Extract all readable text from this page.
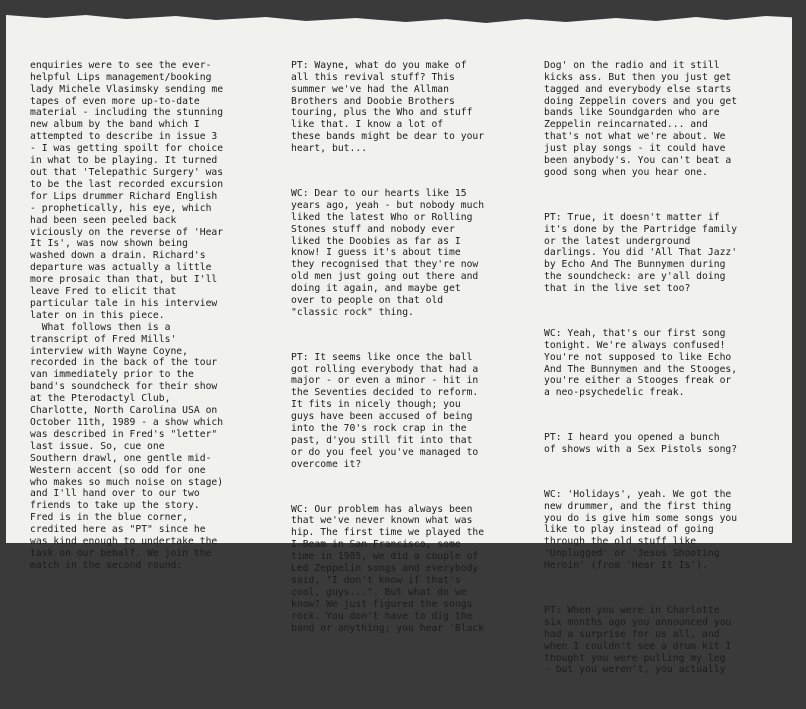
enquiries were to see the ever-
helpful Lips management/booking
lady Michele Vlasimsky sending me
tapes of even more up-to-date
material - including the stunning
new album by the band which I
attempted to describe in issue 3
- I was getting spoilt for choice
in what to be playing. It turned
out that 'Telepathic Surgery' was
to be the last recorded excursion
for Lips drummer Richard English
- prophetically, his eye, which
had been seen peeled back
viciously on the reverse of 'Hear
It Is', was now shown being
washed down a drain. Richard's
departure was actually a little
more prosaic than that, but I'll
leave Fred to elicit that
particular tale in his interview
later on in this piece.
What follows then is a
transcript of Fred Mills'
interview with Wayne Coyne,
recorded in the back of the tour
van immediately prior to the
band's soundcheck for their show
at the Pterodactyl Club,
Charlotte, North Carolina USA on
October 11th, 1989 - a show which
was described in Fred's "letter"
last issue. So, cue one
Southern drawl, one gentle mid-
Western accent (so odd for one
who makes so much noise on stage)
and I'll hand over to our two
friends to take up the story.
Fred is in the blue corner,
credited here as "PT" since he
was kind enough to undertake the
task on our behalf. We join the
match in the second round:

PT: Wayne, what do you make of
all this revival stuff? This
summer we've had the Allman
Brothers and Doobie Brothers
touring, plus the Who and stuff
like that. I know a lot of
these bands might be dear to your
heart, but...

WC: Dear to our hearts like 15
years ago, yeah - but nobody much
liked the latest Who or Rolling
Stones stuff and nobody ever
liked the Doobies as far as I
know! I guess it's about time
they recognised that they're now
old men just going out there and
doing it again, and maybe get
over to people on that old
"classic rock" thing.

PT: It seems like once the ball
got rolling everybody that had a
major - or even a minor - hit in
the Seventies decided to reform.
It fits in nicely though; you
guys have been accused of being
into the 70's rock crap in the
past, d'you still fit into that
or do you feel you've managed to
overcome it?

WC: Our problem has always been
that we've never known what was
hip. The first time we played the
I-Beam in San Francisco, some
time in 1985, we did a couple of
Led Zeppelin songs and everybody
said, "I don't know if that's
cool, guys...". But what do we
know? We just figured the songs
rock. You don't have to dig the
band or anything; you hear 'Black

Dog' on the radio and it still
kicks ass. But then you just get
tagged and everybody else starts
doing Zeppelin covers and you get
bands like Soundgarden who are
Zeppelin reincarnated... and
that's not what we're about. We
just play songs - it could have
been anybody's. You can't beat a
good song when you hear one.

PT: True, it doesn't matter if
it's done by the Partridge family
or the latest underground
darlings. You did 'All That Jazz'
by Echo And The Bunnymen during
the soundcheck: are y'all doing
that in the live set too?

WC: Yeah, that's our first song
tonight. We're always confused!
You're not supposed to like Echo
And The Bunnymen and the Stooges,
you're either a Stooges freak or
a neo-psychedelic freak.

PT: I heard you opened a bunch
of shows with a Sex Pistols song?

WC: 'Holidays', yeah. We got the
new drummer, and the first thing
you do is give him some songs you
like to play instead of going
through the old stuff like
'Unplugged' or 'Jesus Shooting
Heroin' (from 'Hear It Is').

PT: When you were in Charlotte
six months ago you announced you
had a surprise for us all, and
when I couldn't see a drum kit I
thought you were pulling my leg
- but you weren't, you actually
